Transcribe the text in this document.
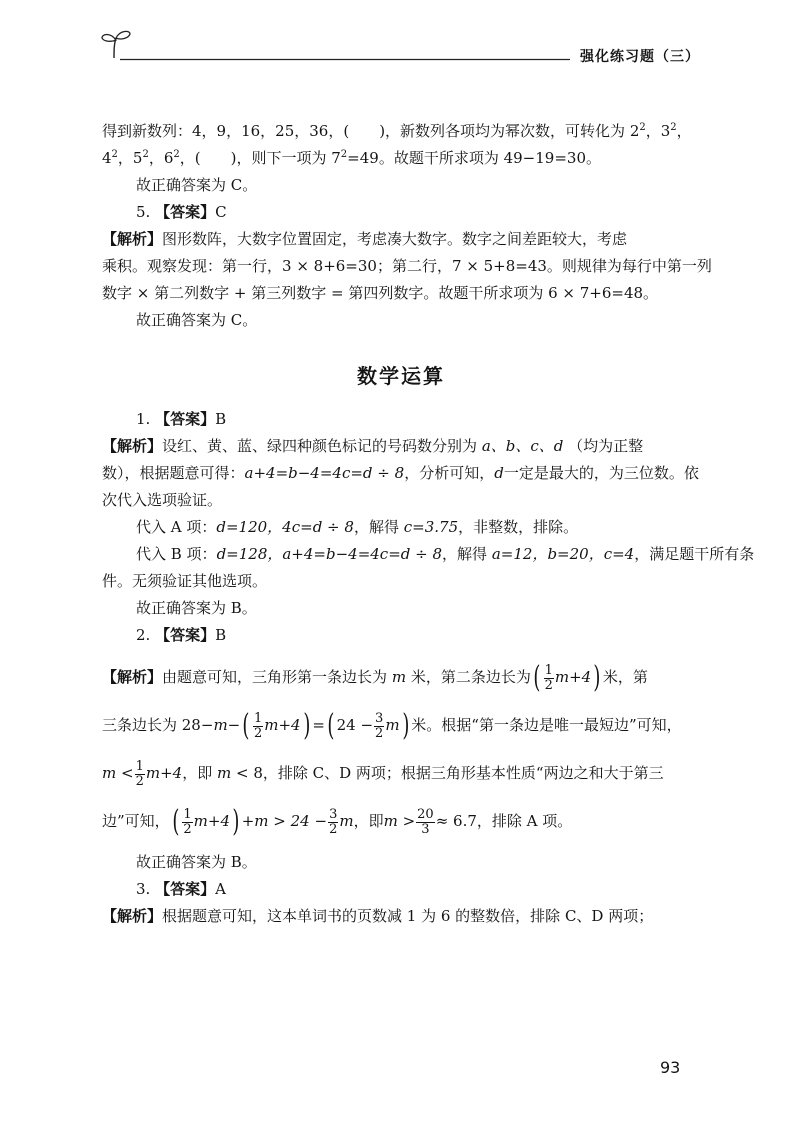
强化练习题（三）
得到新数列：4，9，16，25，36，(　　)，新数列各项均为幂次数，可转化为 $2^2$，$3^2$，
$4^2$，$5^2$，$6^2$，(　　)，则下一项为 $7^2=49$。故题干所求项为 49−19=30。
故正确答案为 C。
5. 【答案】C
【解析】图形数阵，大数字位置固定，考虑凑大数字。数字之间差距较大，考虑
乘积。观察发现：第一行，3 × 8+6=30；第二行，7 × 5+8=43。则规律为每行中第一列
数字 × 第二列数字 + 第三列数字 = 第四列数字。故题干所求项为 6 × 7+6=48。
故正确答案为 C。
数学运算
1. 【答案】B
【解析】设红、黄、蓝、绿四种颜色标记的号码数分别为 a、b、c、d （均为正整
数），根据题意可得：a+4=b−4=4c=d ÷ 8，分析可知，d一定是最大的，为三位数。依
次代入选项验证。
代入 A 项：d=120，4c=d ÷ 8，解得 c=3.75，非整数，排除。
代入 B 项：d=128，a+4=b−4=4c=d ÷ 8，解得 a=12，b=20，c=4，满足题干所有条
件。无须验证其他选项。
故正确答案为 B。
2. 【答案】B
【解析】由题意可知，三角形第一条边长为 m 米，第二条边长为( $\frac{1}{2} m+4$) 米，第
三条边长为 $28-m-( \frac{1}{2} m+4)$ =( $24 - \frac{3}{2} m$) 米。根据“第一条边是唯一最短边”可知，
$m < \frac{1}{2} m+4$，即 m < 8，排除 C、D 两项；根据三角形基本性质“两边之和大于第三
边”可知，( $\frac{1}{2} m+4) +m > 24 - \frac{3}{2}$ m，即$m > \frac{20}{3} \approx 6.7$，排除 A 项。
故正确答案为 B。
3. 【答案】A
【解析】根据题意可知，这本单词书的页数减 1 为 6 的整数倍，排除 C、D 两项；
93
